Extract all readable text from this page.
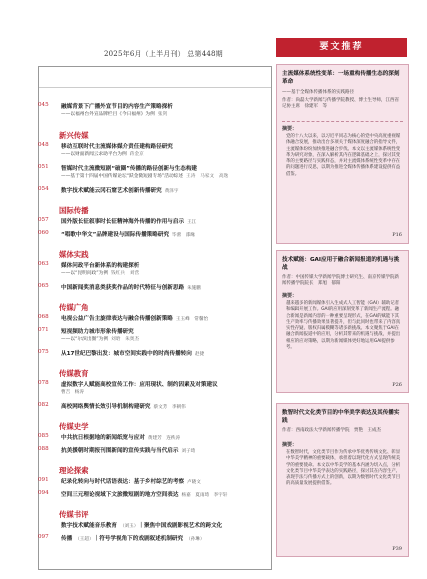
2025年6月（上半月刊） 总第448期
045 融媒背景下广播外宣节目的内容生产策略探析
——以福州台外宣品牌栏目《今日福州》为例 张剑
新兴传媒
048 移动互联时代主流媒体媒介责任建构路径研究
——以财面新闻云求助平台为例 蒋金京
051 智媒时代主流微短剧“破圈”传播的路径创新与生态构建
——基于第十四届中国传媒论坛“跃金微短剧专场”活动综述 王涛　马家文　高逸
054 数字技术赋能云冈石窟艺术创新传播研究 黄泽宇
国际传播
057 国外版长征叙事时长征精神海外传播的作用与启示 王江
060 “唱歌中华文”品牌建设与国际传播策略研究 毕蕾　邵缘
媒体实践
063 媒体问政平台新体系的构建探析
——以“昆明问政”为例 钱红兵　刘营
065 中国新闻奖消息类获奖作品的时代特征与创新思路 朱施鹏
传媒广角
068 电视公益广告主旋律表达与融合传播创新策略 王玉峰　常馨怡
071 短视频助力城市形象传播研究
——以“尔滨出圈”为例 刘晗　朱奥杰
075 从17世纪巴黎出发：城市空间实践中的时尚传播转向 赵捷
传媒教育
078 虚拟数字人赋能高校宣传工作：应用现状、制约因素及对策建议
曹吉　杨涛
082 高校网络舆情长效引导机制构建研究 蔡文芳　李朝伟
传媒史学
085 中共抗日根据地的新闻纸宽与应对 黄建芳　连秩涛
088 抗美援朝时期报刊围新闻的宣传实践与当代启示 刘子琦
理论探索
091 纪录化转向与时代话语表达：基于乡村综艺的考察 卢晓文
094 空间三元理论视域下文旅微短剧的地方空间表达 杨嘉　夏雨琦　李宇轩
传媒书评
数字技术赋能音乐教育 （刘玉）｜聚焦中国戏剧影视艺术的跨文化
097 传播 （王超）｜符号学视角下的戏剧叙述机制研究 （孙琳）
要文推荐
主流媒体系统性变革：一场重构传播生态的深刻革命
——基于全媒体传播体系的实践路径
作者：尚磊大学新闻与传播学院教授、博士生导师，江西省记协主席　徐建军　等
摘要：
党的十八大以来，以习近平同志为核心的党中央高度重视媒体融合发展，推动出台多项关于媒体深度融合的指导文件，主流媒体纷纷加快推进融合步伐。本文以主流媒体系统性变革为研究对象，在深入解析其内在逻辑基础之上，探讨其变革的主要路径与实践样态，并对主流媒体系统性变革中存在的问题进行反思，以期为推进全媒体传播体系建设提供有益借鉴。
P16
技术赋能：GAI应用于融合新闻报道的机遇与挑战
作者：中国传媒大学新闻学院博士研究生、南京传媒学院新闻传播学院院长　郑旭　郁阳
摘要：
越来越多的新闻媒体引入生成式人工智能（GAI）辅助记者和编辑开展工作。GAI的应用深刻变革了新闻生产流程。融合新闻是新闻内容的一种重要呈现形式，在GAI的赋能下其生产效率与传播效果显著提升，但与此同时也带来了内容真实性存疑、版权归属模糊等诸多新挑战。本文聚焦于GAI在融合新闻报道中的应用，分析其带来的机遇与挑战，并提出相应的应对策略，以期为新闻媒体更好地运用GAI提供参考。
P26
数智时代文化类节目的中华美学表达及其传播实践
作者：西南政法大学新闻传播学院　贾艳　王成杰
摘要：
在数智时代，文化类节目作为传承中华优秀传统文化、彰显中华美学精神的重要载体，承担着以现代化方式呈现传统美学的重要使命。本文以中华美学的基本内涵为切入点，分析文化类节目中华美学表达的实践路径，探讨其在内容生产、表现手法与传播方式上的创新，以期为数智时代文化类节目的高质量发展提供借鉴。
P39
